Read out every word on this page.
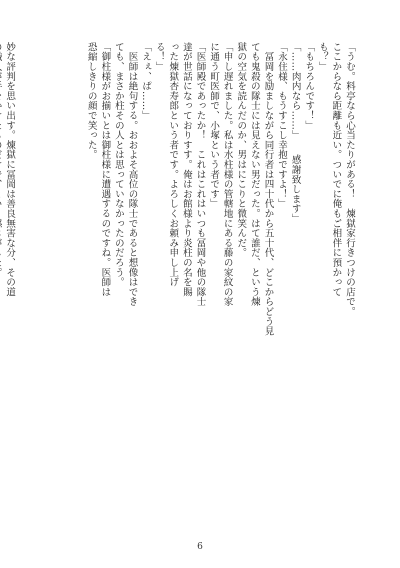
「うむ。料亭なら心当たりがある！　煉獄家行きつけの店で。
ここからなら距離も近い。ついでに俺もご相伴に預かって
も？」
「もちろんです！」
「……肉内なら……」　　感謝致します」
「永住様、もうすこし幸抱ですよ！」
　冨岡を励ましながら同行者は四十代から五十代、どこからどう見
ても鬼殺の隊士には見えない男だった。はて誰だ、という煉
獄の空気を読んだのか、男はにこりと微笑んだ。
「申し遅れました。私は水柱様の管轄地にある藤の家紋の家
に通う町医師で、小塚という者です」
「医師殿であったか！　これはこれはいつも冨岡や他の隊士
達が世話になっておりすす。俺はお館様より炎柱の名を賜
った煉獄杏寿郎という者です。よろしくお頼み申し上げ
る！」
「えぇ、ぱ……」
　医師は絶句する。おおよそ高位の隊士であると想像はでき
ても、まさか柱その人とは思っていなかったのだろう。
「御柱様がお揃いとは御柱様に遭遇するのですね。医師は
恐縮しきりの顔で笑った。

妙な評判を思い出す。煉獄に冨岡は善良無害な分、その道
6
